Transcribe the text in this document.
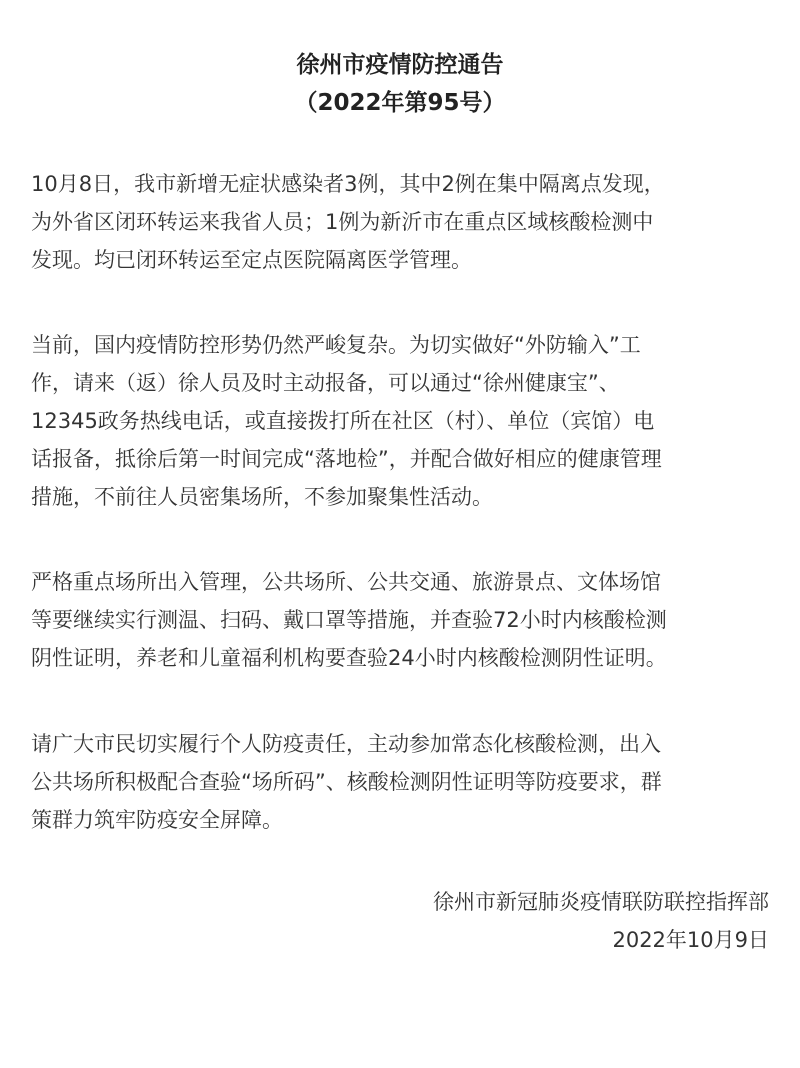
徐州市疫情防控通告
（2022年第95号）
10月8日，我市新增无症状感染者3例，其中2例在集中隔离点发现，
为外省区闭环转运来我省人员；1例为新沂市在重点区域核酸检测中
发现。均已闭环转运至定点医院隔离医学管理。
当前，国内疫情防控形势仍然严峻复杂。为切实做好“外防输入”工
作，请来（返）徐人员及时主动报备，可以通过“徐州健康宝”、
12345政务热线电话，或直接拨打所在社区（村）、单位（宾馆）电
话报备，抵徐后第一时间完成“落地检”，并配合做好相应的健康管理
措施，不前往人员密集场所，不参加聚集性活动。
严格重点场所出入管理，公共场所、公共交通、旅游景点、文体场馆
等要继续实行测温、扫码、戴口罩等措施，并查验72小时内核酸检测
阴性证明，养老和儿童福利机构要查验24小时内核酸检测阴性证明。
请广大市民切实履行个人防疫责任，主动参加常态化核酸检测，出入
公共场所积极配合查验“场所码”、核酸检测阴性证明等防疫要求，群
策群力筑牢防疫安全屏障。
徐州市新冠肺炎疫情联防联控指挥部
2022年10月9日
